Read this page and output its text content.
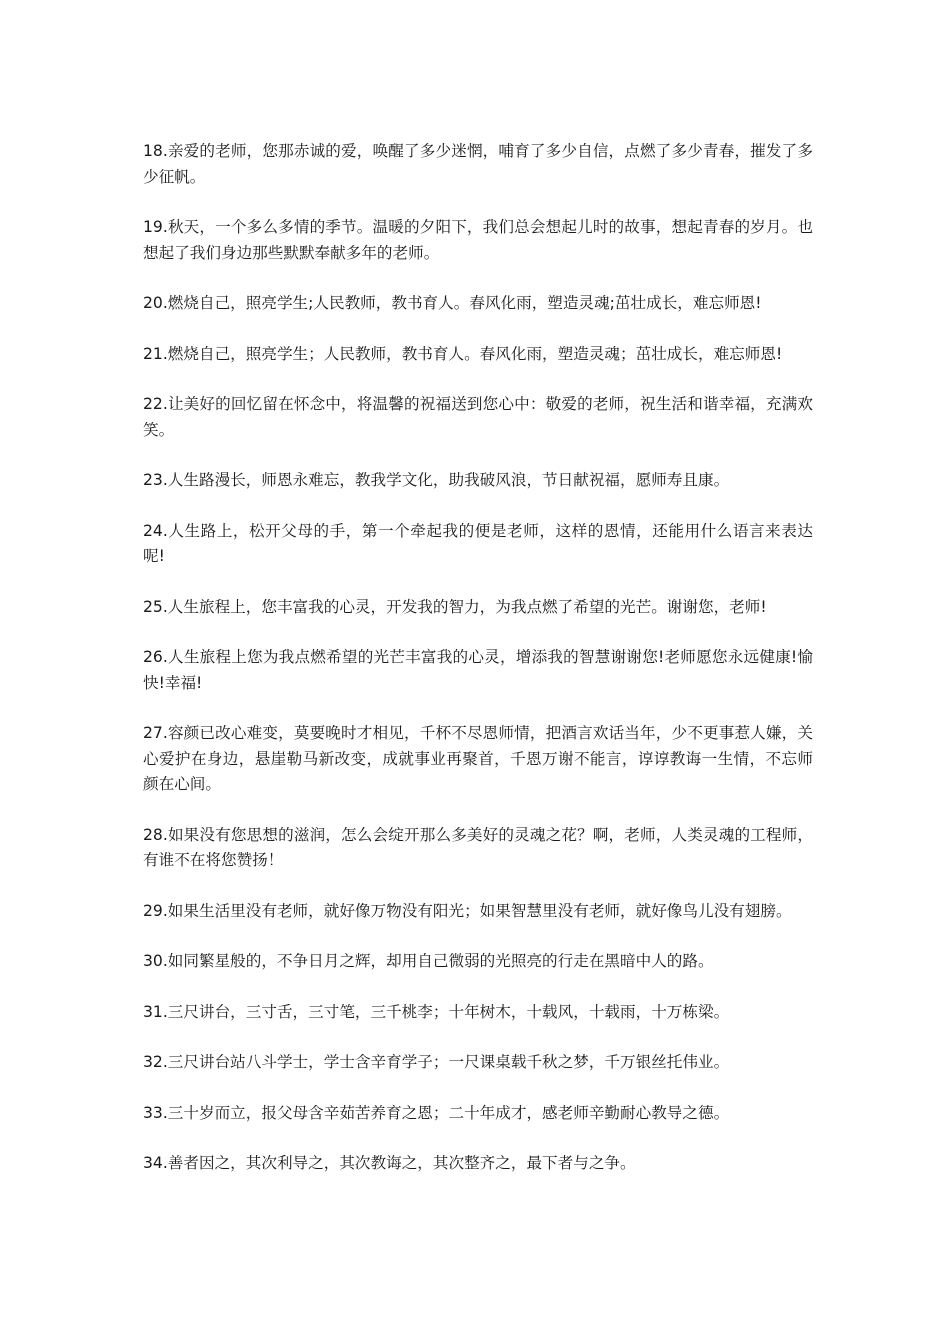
18.亲爱的老师，您那赤诚的爱，唤醒了多少迷惘，哺育了多少自信，点燃了多少青春，摧发了多少征帆。

19.秋天，一个多么多情的季节。温暖的夕阳下，我们总会想起儿时的故事，想起青春的岁月。也想起了我们身边那些默默奉献多年的老师。

20.燃烧自己，照亮学生;人民教师，教书育人。春风化雨，塑造灵魂;茁壮成长，难忘师恩!

21.燃烧自己，照亮学生；人民教师，教书育人。春风化雨，塑造灵魂；茁壮成长，难忘师恩!

22.让美好的回忆留在怀念中，将温馨的祝福送到您心中：敬爱的老师，祝生活和谐幸福，充满欢笑。

23.人生路漫长，师恩永难忘，教我学文化，助我破风浪，节日献祝福，愿师寿且康。

24.人生路上，松开父母的手，第一个牵起我的便是老师，这样的恩情，还能用什么语言来表达呢!

25.人生旅程上，您丰富我的心灵，开发我的智力，为我点燃了希望的光芒。谢谢您，老师!

26.人生旅程上您为我点燃希望的光芒丰富我的心灵，增添我的智慧谢谢您!老师愿您永远健康!愉快!幸福!

27.容颜已改心难变，莫要晚时才相见，千杯不尽恩师情，把酒言欢话当年，少不更事惹人嫌，关心爱护在身边，悬崖勒马新改变，成就事业再聚首，千恩万谢不能言，谆谆教诲一生情，不忘师颜在心间。

28.如果没有您思想的滋润，怎么会绽开那么多美好的灵魂之花？啊，老师，人类灵魂的工程师，有谁不在将您赞扬！

29.如果生活里没有老师，就好像万物没有阳光；如果智慧里没有老师，就好像鸟儿没有翅膀。

30.如同繁星般的，不争日月之辉，却用自己微弱的光照亮的行走在黑暗中人的路。

31.三尺讲台，三寸舌，三寸笔，三千桃李；十年树木，十载风，十载雨，十万栋梁。

32.三尺讲台站八斗学士，学士含辛育学子；一尺课桌载千秋之梦，千万银丝托伟业。

33.三十岁而立，报父母含辛茹苦养育之恩；二十年成才，感老师辛勤耐心教导之德。

34.善者因之，其次利导之，其次教诲之，其次整齐之，最下者与之争。
